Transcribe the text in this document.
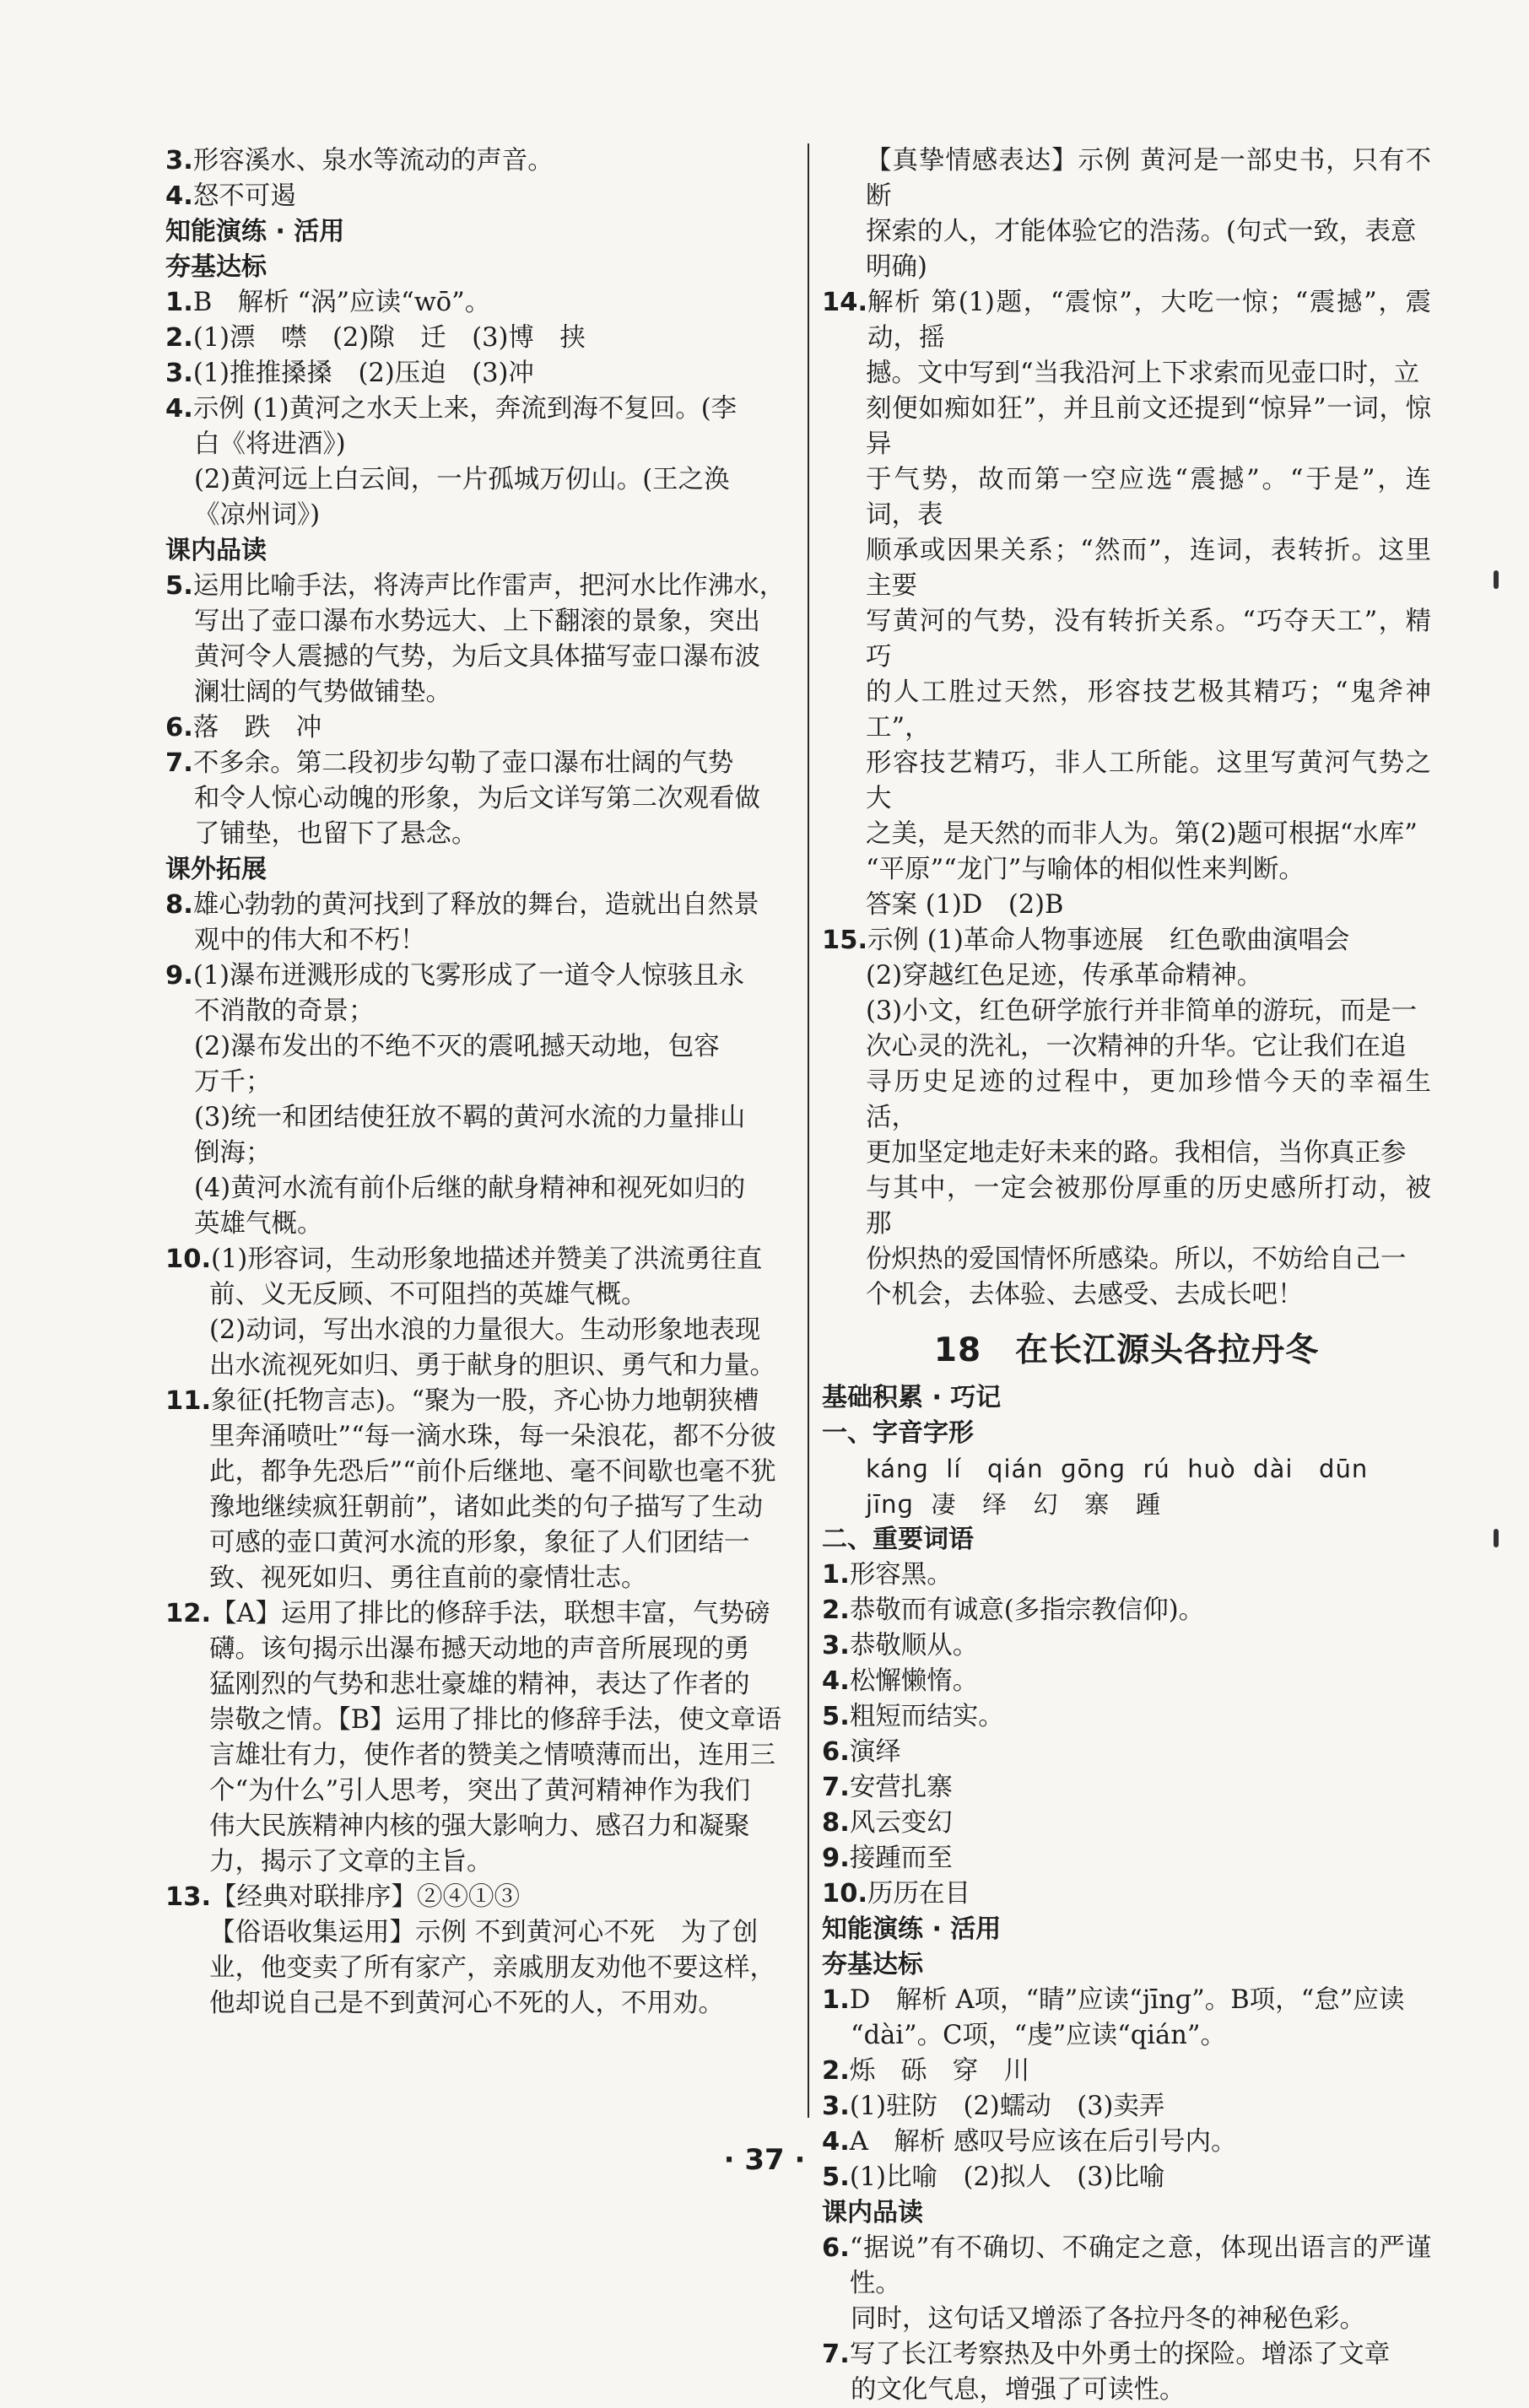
3. 形容溪水、泉水等流动的声音。
4. 怒不可遏
知能演练 · 活用
夯基达标
1. B　解析 “涡”应读“wō”。
2. (1)漂　噤　(2)隙　迁　(3)博　挟
3. (1)推推搡搡　(2)压迫　(3)冲
4. 示例 (1)黄河之水天上来，奔流到海不复回。(李
白《将进酒》)
(2)黄河远上白云间，一片孤城万仞山。(王之涣
《凉州词》)
课内品读
5. 运用比喻手法，将涛声比作雷声，把河水比作沸水，
写出了壶口瀑布水势远大、上下翻滚的景象，突出
黄河令人震撼的气势，为后文具体描写壶口瀑布波
澜壮阔的气势做铺垫。
6. 落　跌　冲
7. 不多余。第二段初步勾勒了壶口瀑布壮阔的气势
和令人惊心动魄的形象，为后文详写第二次观看做
了铺垫，也留下了悬念。
课外拓展
8. 雄心勃勃的黄河找到了释放的舞台，造就出自然景
观中的伟大和不朽！
9. (1)瀑布迸溅形成的飞雾形成了一道令人惊骇且永
不消散的奇景；
(2)瀑布发出的不绝不灭的震吼撼天动地，包容
万千；
(3)统一和团结使狂放不羁的黄河水流的力量排山
倒海；
(4)黄河水流有前仆后继的献身精神和视死如归的
英雄气概。
10. (1)形容词，生动形象地描述并赞美了洪流勇往直
前、义无反顾、不可阻挡的英雄气概。
(2)动词，写出水浪的力量很大。生动形象地表现
出水流视死如归、勇于献身的胆识、勇气和力量。
11. 象征(托物言志)。“聚为一股，齐心协力地朝狭槽
里奔涌喷吐”“每一滴水珠，每一朵浪花，都不分彼
此，都争先恐后”“前仆后继地、毫不间歇也毫不犹
豫地继续疯狂朝前”，诸如此类的句子描写了生动
可感的壶口黄河水流的形象，象征了人们团结一
致、视死如归、勇往直前的豪情壮志。
12. 【A】运用了排比的修辞手法，联想丰富，气势磅
礴。该句揭示出瀑布撼天动地的声音所展现的勇
猛刚烈的气势和悲壮豪雄的精神，表达了作者的
崇敬之情。【B】运用了排比的修辞手法，使文章语
言雄壮有力，使作者的赞美之情喷薄而出，连用三
个“为什么”引人思考，突出了黄河精神作为我们
伟大民族精神内核的强大影响力、感召力和凝聚
力，揭示了文章的主旨。
13. 【经典对联排序】②④①③
【俗语收集运用】示例 不到黄河心不死　为了创
业，他变卖了所有家产，亲戚朋友劝他不要这样，
他却说自己是不到黄河心不死的人，不用劝。
【真挚情感表达】示例 黄河是一部史书，只有不断
探索的人，才能体验它的浩荡。(句式一致，表意
明确)
14. 解析 第(1)题，“震惊”，大吃一惊；“震撼”，震动，摇
撼。文中写到“当我沿河上下求索而见壶口时，立
刻便如痴如狂”，并且前文还提到“惊异”一词，惊异
于气势，故而第一空应选“震撼”。“于是”，连词，表
顺承或因果关系；“然而”，连词，表转折。这里主要
写黄河的气势，没有转折关系。“巧夺天工”，精巧
的人工胜过天然，形容技艺极其精巧；“鬼斧神工”，
形容技艺精巧，非人工所能。这里写黄河气势之大
之美，是天然的而非人为。第(2)题可根据“水库”
“平原”“龙门”与喻体的相似性来判断。
答案 (1)D　(2)B
15. 示例 (1)革命人物事迹展　红色歌曲演唱会
(2)穿越红色足迹，传承革命精神。
(3)小文，红色研学旅行并非简单的游玩，而是一
次心灵的洗礼，一次精神的升华。它让我们在追
寻历史足迹的过程中，更加珍惜今天的幸福生活，
更加坚定地走好未来的路。我相信，当你真正参
与其中，一定会被那份厚重的历史感所打动，被那
份炽热的爱国情怀所感染。所以，不妨给自己一
个机会，去体验、去感受、去成长吧！
18　在长江源头各拉丹冬
基础积累 · 巧记
一、字音字形
kánɡ  lí   qián  ɡōnɡ  rú  huò  dài   dūn
jīnɡ  凄   绎   幻   寨   踵
二、重要词语
1. 形容黑。
2. 恭敬而有诚意(多指宗教信仰)。
3. 恭敬顺从。
4. 松懈懒惰。
5. 粗短而结实。
6. 演绎
7. 安营扎寨
8. 风云变幻
9. 接踵而至
10. 历历在目
知能演练 · 活用
夯基达标
1. D　解析 A项，“睛”应读“jīnɡ”。B项，“怠”应读
“dài”。C项，“虔”应读“qián”。
2. 烁　砾　穿　川
3. (1)驻防　(2)蠕动　(3)卖弄
4. A　解析 感叹号应该在后引号内。
5. (1)比喻　(2)拟人　(3)比喻
课内品读
6. “据说”有不确切、不确定之意，体现出语言的严谨性。
同时，这句话又增添了各拉丹冬的神秘色彩。
7. 写了长江考察热及中外勇士的探险。增添了文章
的文化气息，增强了可读性。
· 37 ·
